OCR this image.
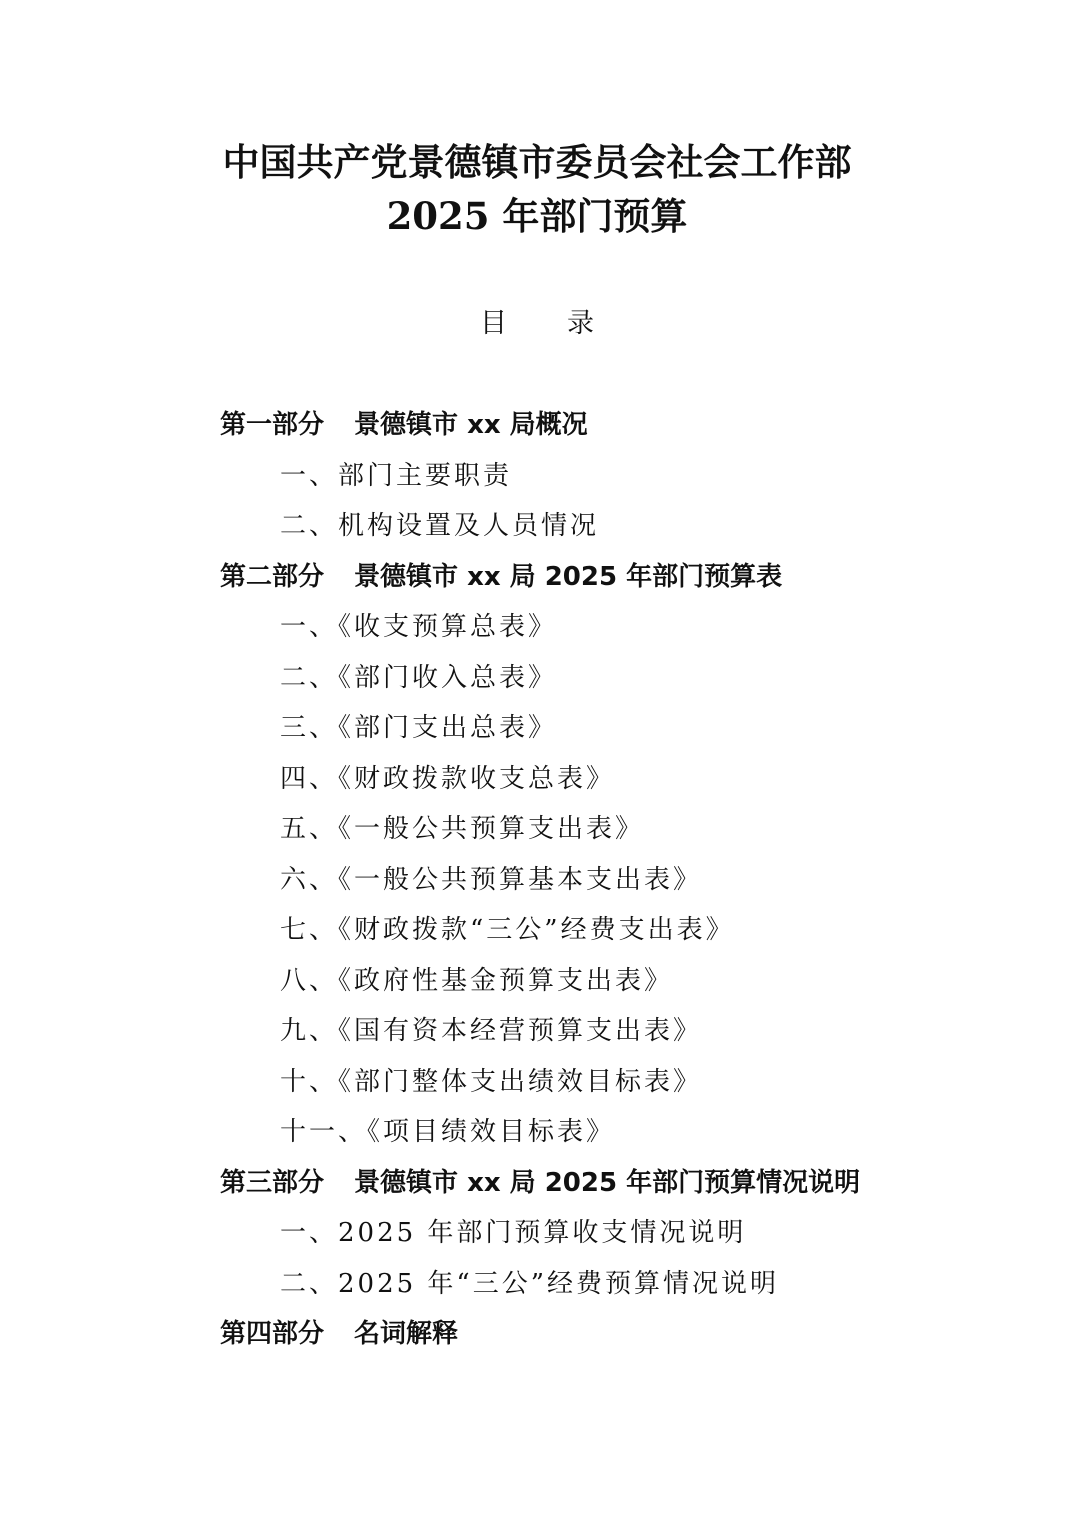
中国共产党景德镇市委员会社会工作部
2025 年部门预算
目 录
第一部分 景德镇市 xx 局概况
一、部门主要职责
二、机构设置及人员情况
第二部分 景德镇市 xx 局 2025 年部门预算表
一、《收支预算总表》
二、《部门收入总表》
三、《部门支出总表》
四、《财政拨款收支总表》
五、《一般公共预算支出表》
六、《一般公共预算基本支出表》
七、《财政拨款“三公”经费支出表》
八、《政府性基金预算支出表》
九、《国有资本经营预算支出表》
十、《部门整体支出绩效目标表》
十一、《项目绩效目标表》
第三部分 景德镇市 xx 局 2025 年部门预算情况说明
一、2025 年部门预算收支情况说明
二、2025 年“三公”经费预算情况说明
第四部分 名词解释
